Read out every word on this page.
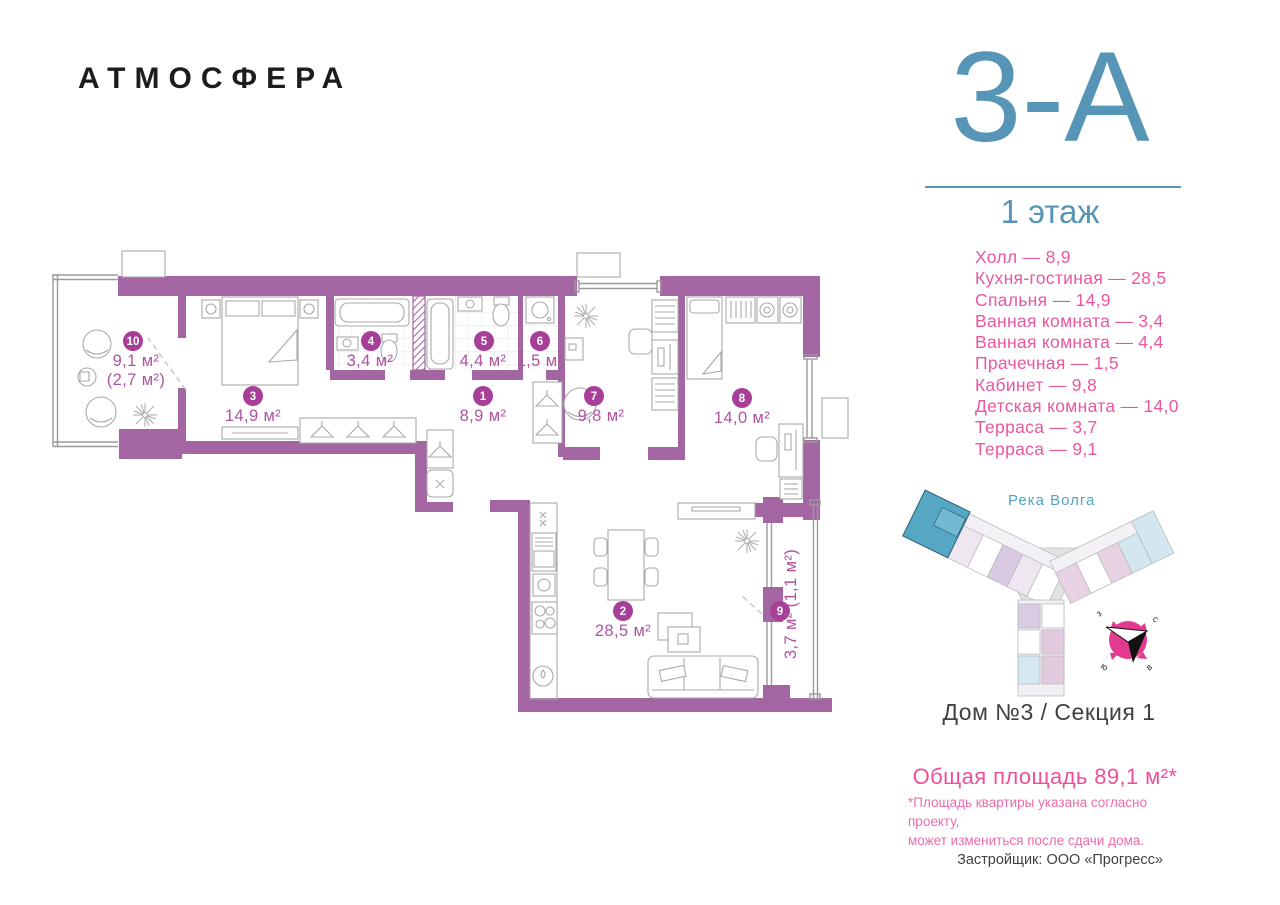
1
8,9 м²
2
28,5 м²
3
14,9 м²
4
3,4 м²
5
4,4 м²
6
1,5 м²
7
9,8 м²
8
14,0 м²
9
3,7 м² (1,1 м²)
10
9,1 м²
(2,7 м²)
Река Волга
з
с
ю	в
АТМОСФЕРА	3-А
1 этаж
Холл — 8,9
Кухня-гостиная — 28,5
Спальня — 14,9
Ванная комната — 3,4
Ванная комната — 4,4
Прачечная — 1,5
Кабинет — 9,8
Детская комната — 14,0
Терраса — 3,7
Терраса — 9,1
Дом №3 / Секция 1
Общая площадь 89,1 м²*
*Площадь квартиры указана согласно проекту,
может измениться после сдачи дома.
Застройщик: ООО «Прогресс»
